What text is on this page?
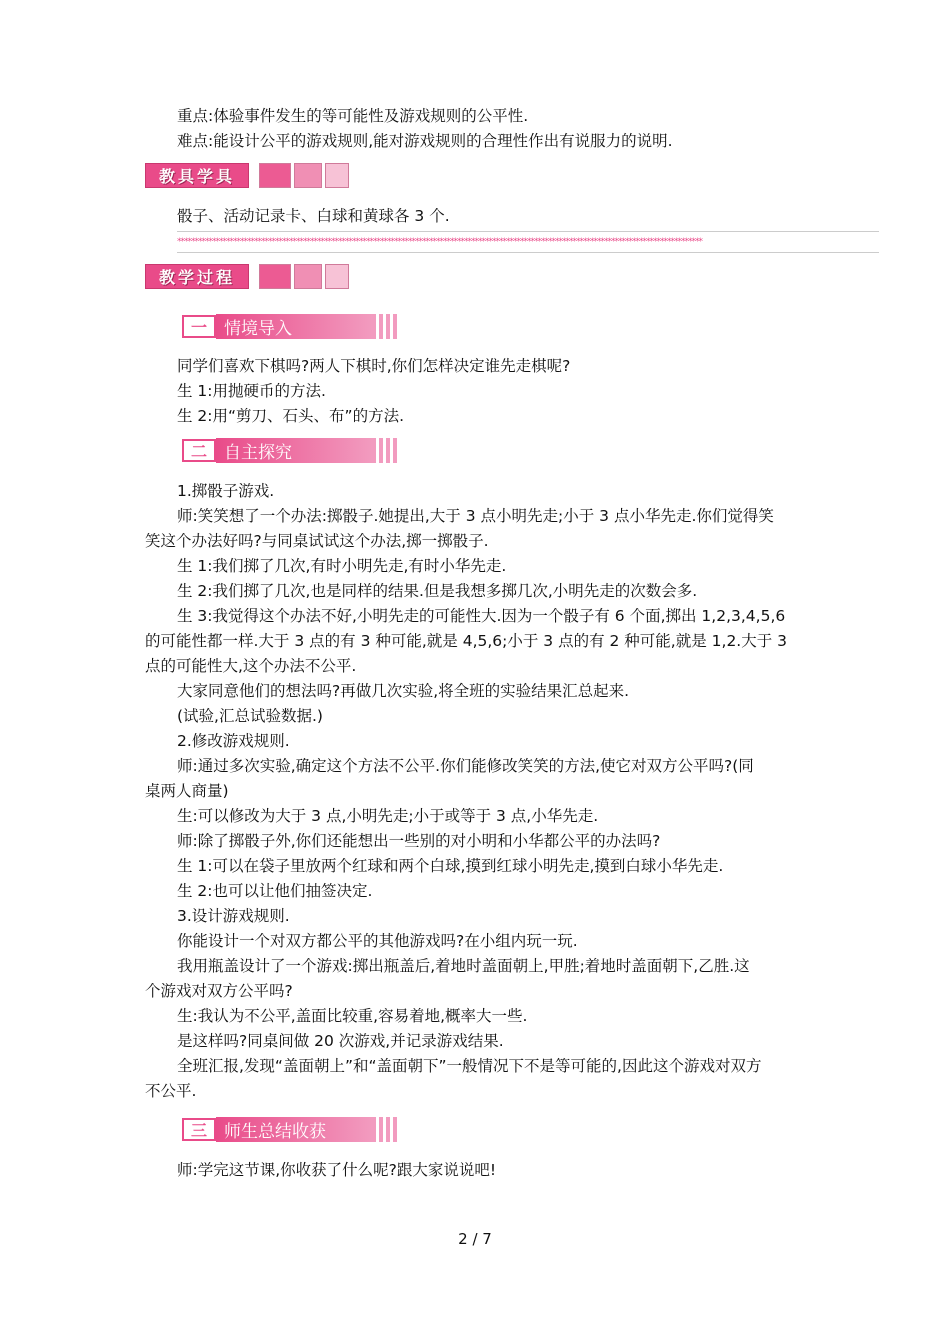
重点:体验事件发生的等可能性及游戏规则的公平性.
难点:能设计公平的游戏规则,能对游戏规则的合理性作出有说服力的说明.
教具学具
骰子、活动记录卡、白球和黄球各 3 个.
******************************************************************************************************************************************************
教学过程
一	情境导入
同学们喜欢下棋吗?两人下棋时,你们怎样决定谁先走棋呢?
生 1:用抛硬币的方法.
生 2:用“剪刀、石头、布”的方法.
二	自主探究
1.掷骰子游戏.
师:笑笑想了一个办法:掷骰子.她提出,大于 3 点小明先走;小于 3 点小华先走.你们觉得笑
笑这个办法好吗?与同桌试试这个办法,掷一掷骰子.
生 1:我们掷了几次,有时小明先走,有时小华先走.
生 2:我们掷了几次,也是同样的结果.但是我想多掷几次,小明先走的次数会多.
生 3:我觉得这个办法不好,小明先走的可能性大.因为一个骰子有 6 个面,掷出 1,2,3,4,5,6
的可能性都一样.大于 3 点的有 3 种可能,就是 4,5,6;小于 3 点的有 2 种可能,就是 1,2.大于 3
点的可能性大,这个办法不公平.
大家同意他们的想法吗?再做几次实验,将全班的实验结果汇总起来.
(试验,汇总试验数据.)
2.修改游戏规则.
师:通过多次实验,确定这个方法不公平.你们能修改笑笑的方法,使它对双方公平吗?(同
桌两人商量)
生:可以修改为大于 3 点,小明先走;小于或等于 3 点,小华先走.
师:除了掷骰子外,你们还能想出一些别的对小明和小华都公平的办法吗?
生 1:可以在袋子里放两个红球和两个白球,摸到红球小明先走,摸到白球小华先走.
生 2:也可以让他们抽签决定.
3.设计游戏规则.
你能设计一个对双方都公平的其他游戏吗?在小组内玩一玩.
我用瓶盖设计了一个游戏:掷出瓶盖后,着地时盖面朝上,甲胜;着地时盖面朝下,乙胜.这
个游戏对双方公平吗?
生:我认为不公平,盖面比较重,容易着地,概率大一些.
是这样吗?同桌间做 20 次游戏,并记录游戏结果.
全班汇报,发现“盖面朝上”和“盖面朝下”一般情况下不是等可能的,因此这个游戏对双方
不公平.
三	师生总结收获
师:学完这节课,你收获了什么呢?跟大家说说吧!
2 / 7
